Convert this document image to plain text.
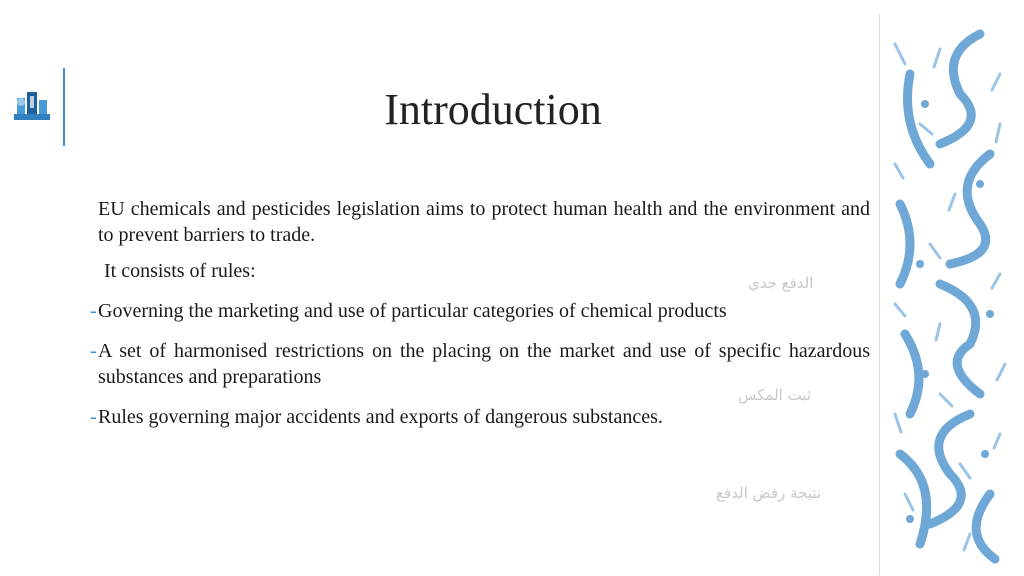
Introduction

EU chemicals and pesticides legislation aims to protect human health and the environment and to prevent barriers to trade.

It consists of rules:

- Governing the marketing and use of particular categories of chemical products

- A set of harmonised restrictions on the placing on the market and use of specific hazardous substances and preparations

- Rules governing major accidents and exports of dangerous substances.

الدفع جدي
ثبت المكس
نتيجة رفض الدفع
